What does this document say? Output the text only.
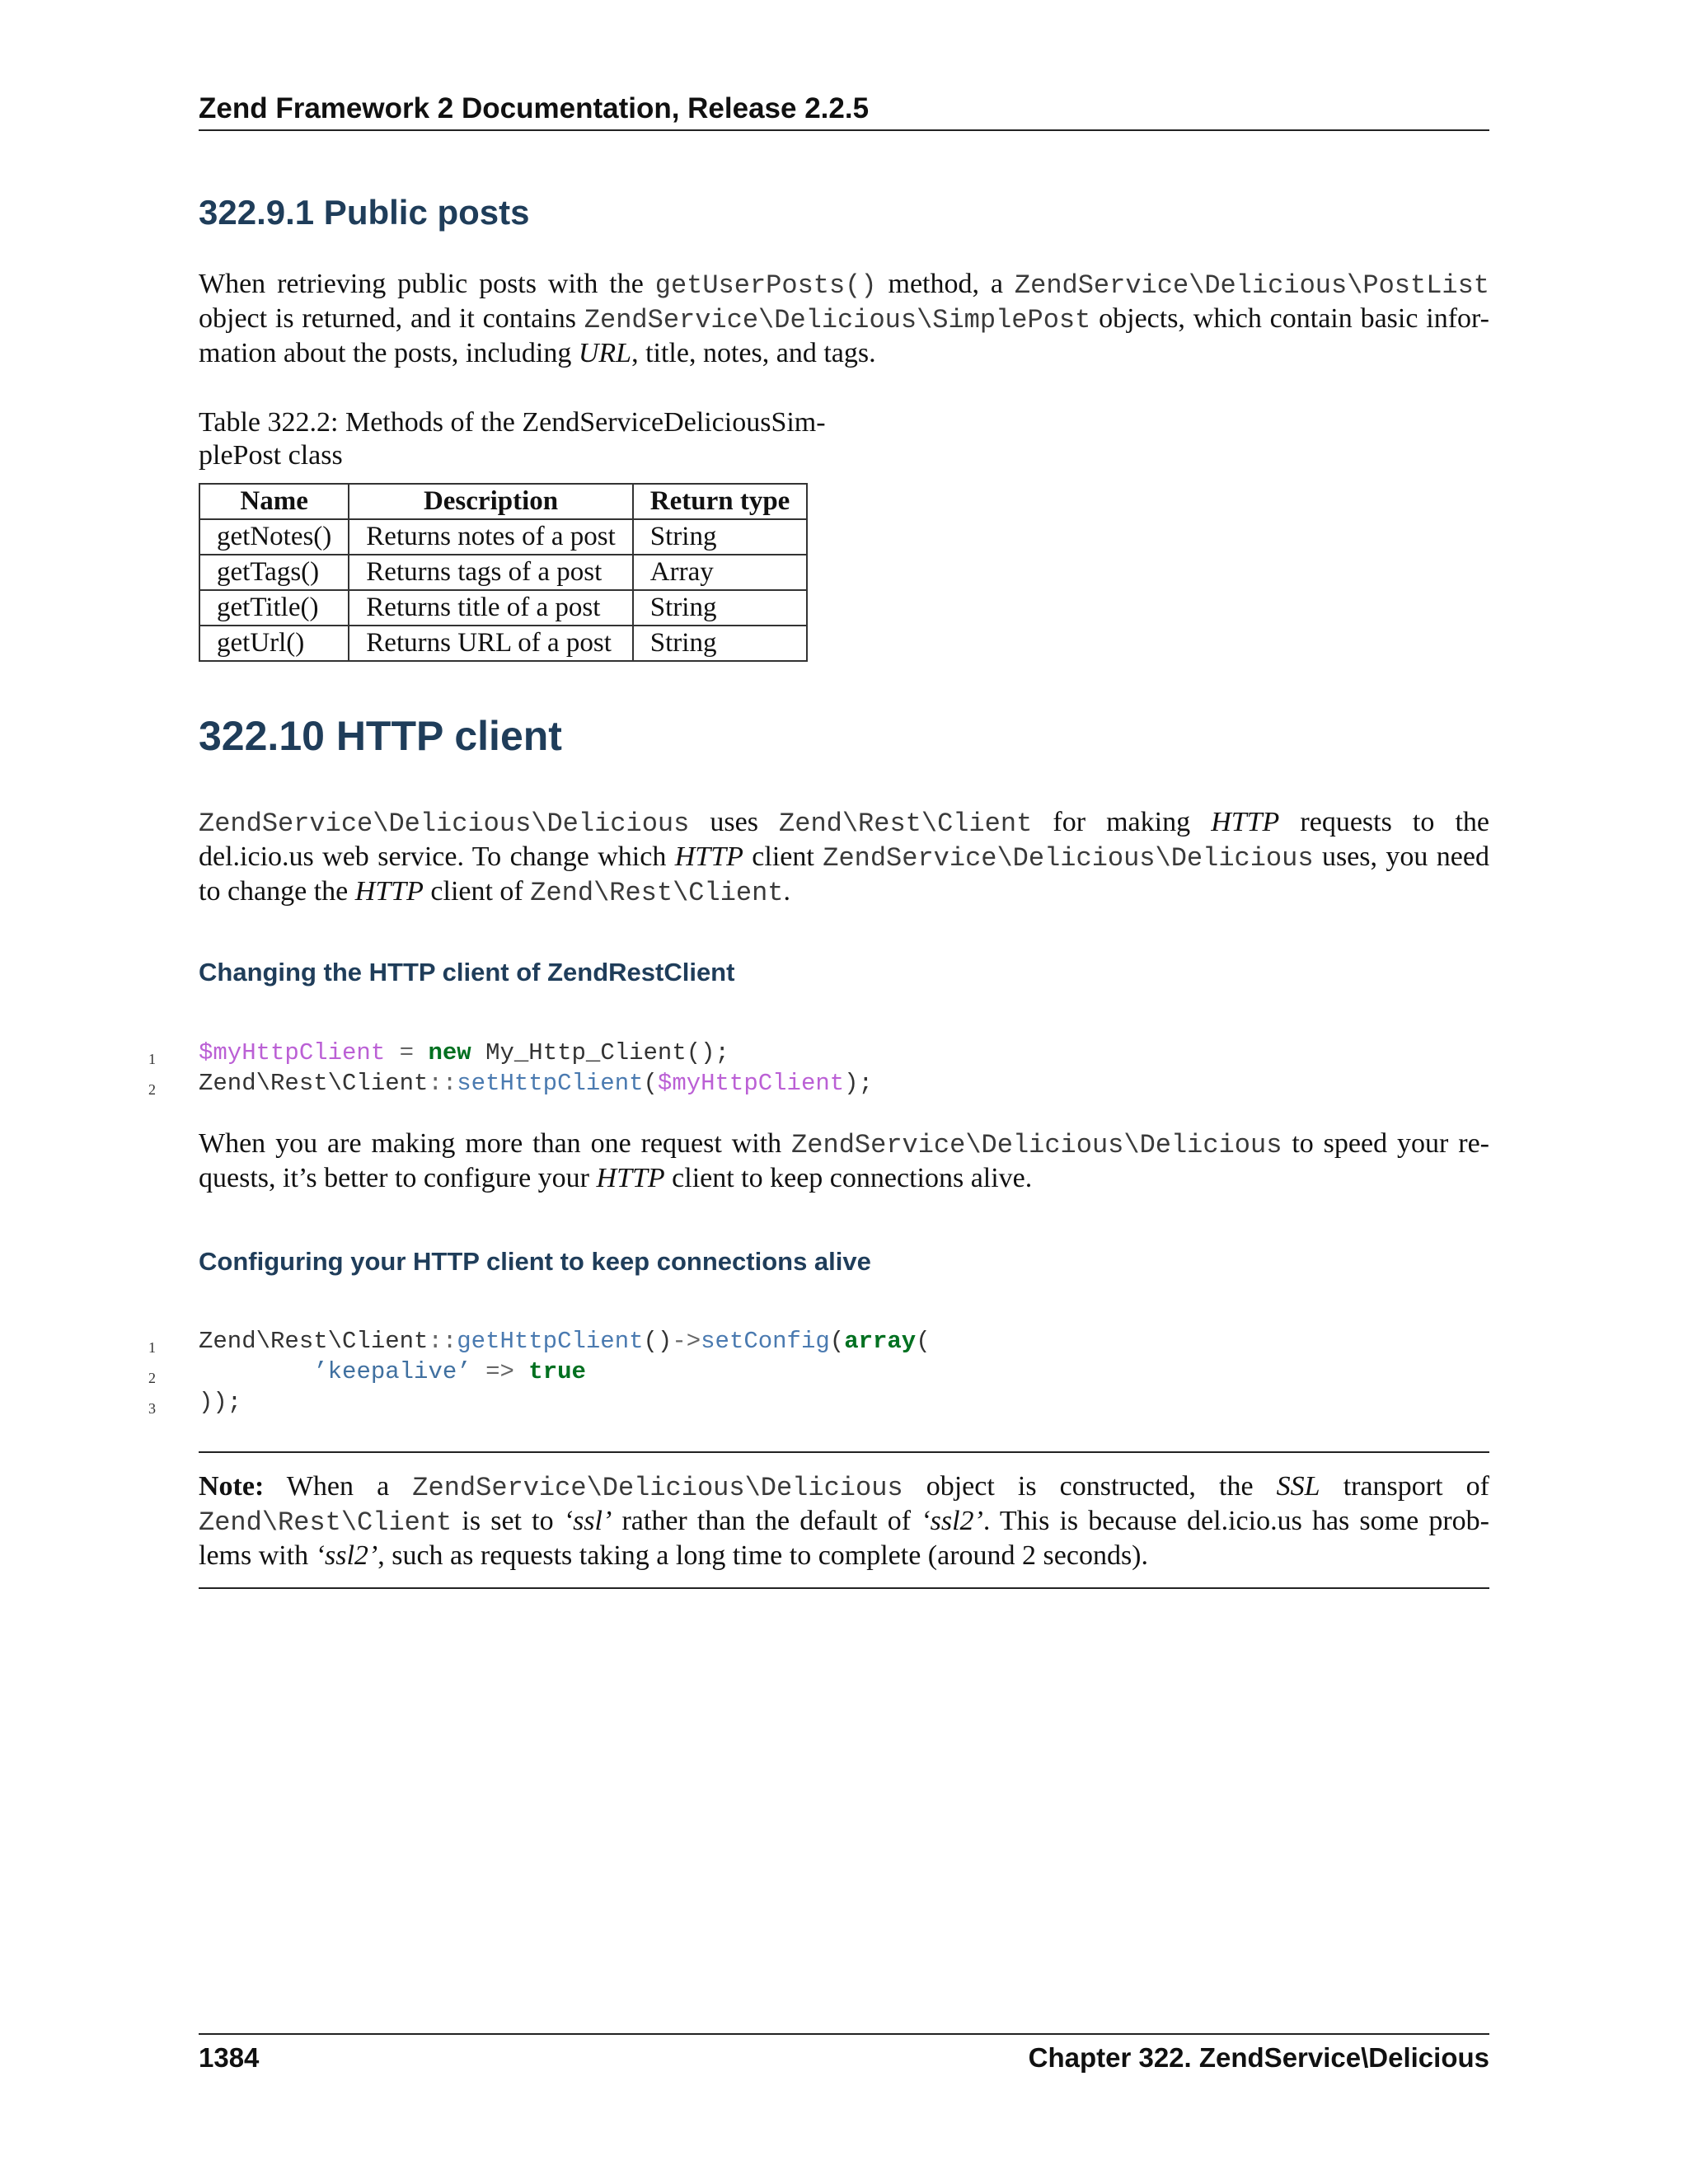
Zend Framework 2 Documentation, Release 2.2.5
322.9.1 Public posts

When retrieving public posts with the getUserPosts() method, a ZendService\Delicious\PostList object is returned, and it contains ZendService\Delicious\SimplePost objects, which contain basic infor-mation about the posts, including URL, title, notes, and tags.

Table 322.2: Methods of the ZendServiceDeliciousSim-plePost class
Name	Description	Return type
getNotes()	Returns notes of a post	String
getTags()	Returns tags of a post	Array
getTitle()	Returns title of a post	String
getUrl()	Returns URL of a post	String
322.10 HTTP client

ZendService\Delicious\Delicious uses Zend\Rest\Client for making HTTP requests to the del.icio.us web service. To change which HTTP client ZendService\Delicious\Delicious uses, you need to change the HTTP client of Zend\Rest\Client.

Changing the HTTP client of ZendRestClient
1	$myHttpClient = new My_Http_Client();
2	Zend\Rest\Client::setHttpClient($myHttpClient);

When you are making more than one request with ZendService\Delicious\Delicious to speed your re-quests, it’s better to configure your HTTP client to keep connections alive.

Configuring your HTTP client to keep connections alive
1	Zend\Rest\Client::getHttpClient()->setConfig(array(
2	’keepalive’ => true
3	));

Note: When a ZendService\Delicious\Delicious object is constructed, the SSL transport of Zend\Rest\Client is set to ‘ssl’ rather than the default of ‘ssl2’. This is because del.icio.us has some prob-lems with ‘ssl2’, such as requests taking a long time to complete (around 2 seconds).

1384	Chapter 322. ZendService\Delicious
